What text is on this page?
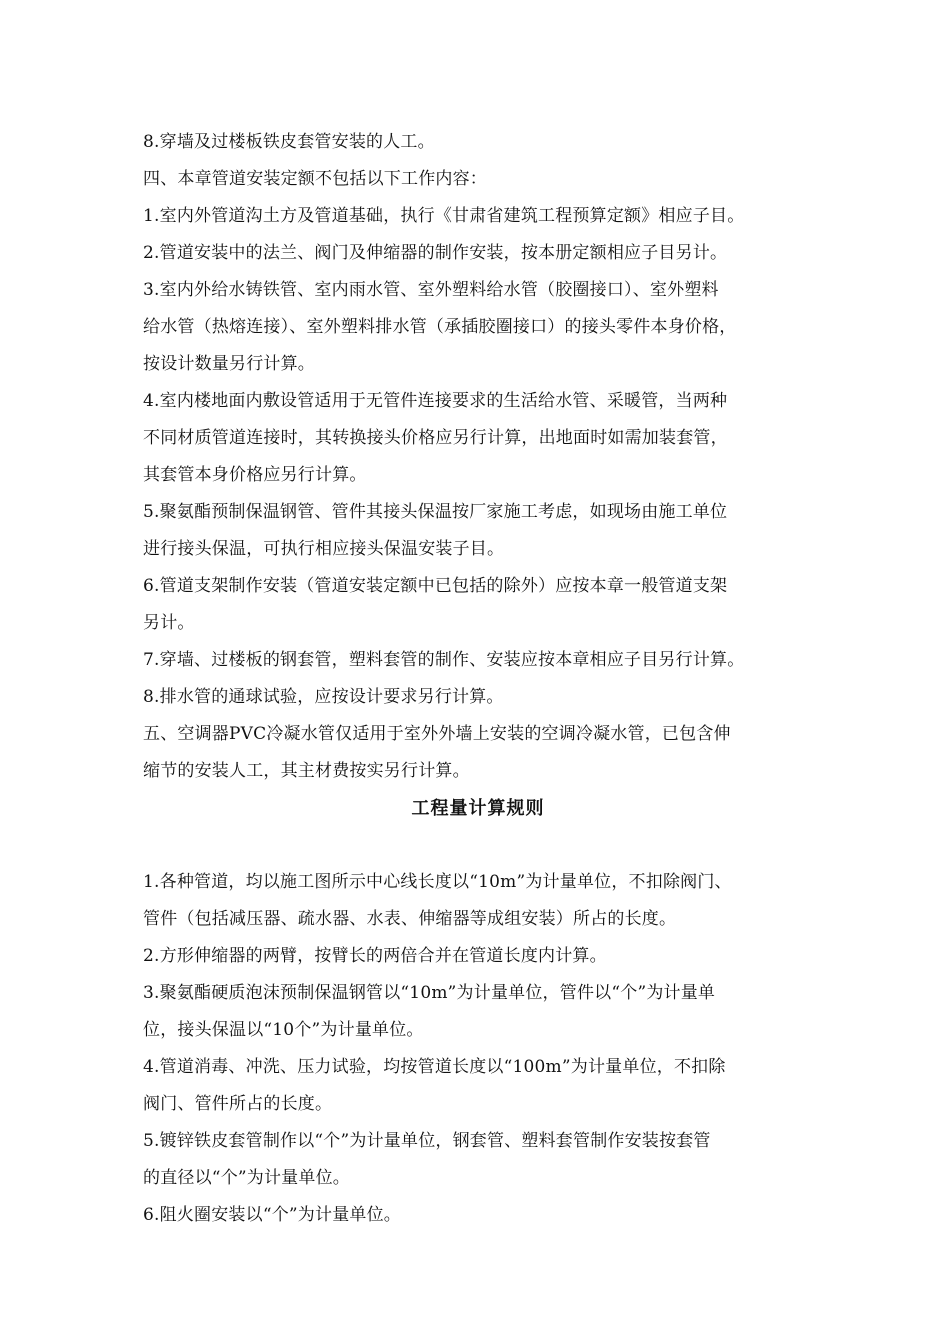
8.穿墙及过楼板铁皮套管安装的人工。
四、本章管道安装定额不包括以下工作内容：
1.室内外管道沟土方及管道基础，执行《甘肃省建筑工程预算定额》相应子目。
2.管道安装中的法兰、阀门及伸缩器的制作安装，按本册定额相应子目另计。
3.室内外给水铸铁管、室内雨水管、室外塑料给水管（胶圈接口）、室外塑料
给水管（热熔连接）、室外塑料排水管（承插胶圈接口）的接头零件本身价格，
按设计数量另行计算。
4.室内楼地面内敷设管适用于无管件连接要求的生活给水管、采暖管，当两种
不同材质管道连接时，其转换接头价格应另行计算，出地面时如需加装套管，
其套管本身价格应另行计算。
5.聚氨酯预制保温钢管、管件其接头保温按厂家施工考虑，如现场由施工单位
进行接头保温，可执行相应接头保温安装子目。
6.管道支架制作安装（管道安装定额中已包括的除外）应按本章一般管道支架
另计。
7.穿墙、过楼板的钢套管，塑料套管的制作、安装应按本章相应子目另行计算。
8.排水管的通球试验，应按设计要求另行计算。
五、空调器PVC冷凝水管仅适用于室外外墙上安装的空调冷凝水管，已包含伸
缩节的安装人工，其主材费按实另行计算。
工程量计算规则
1.各种管道，均以施工图所示中心线长度以“10m”为计量单位，不扣除阀门、
管件（包括减压器、疏水器、水表、伸缩器等成组安装）所占的长度。
2.方形伸缩器的两臂，按臂长的两倍合并在管道长度内计算。
3.聚氨酯硬质泡沫预制保温钢管以“10m”为计量单位，管件以“个”为计量单
位，接头保温以“10个”为计量单位。
4.管道消毒、冲洗、压力试验，均按管道长度以“100m”为计量单位，不扣除
阀门、管件所占的长度。
5.镀锌铁皮套管制作以“个”为计量单位，钢套管、塑料套管制作安装按套管
的直径以“个”为计量单位。
6.阻火圈安装以“个”为计量单位。
